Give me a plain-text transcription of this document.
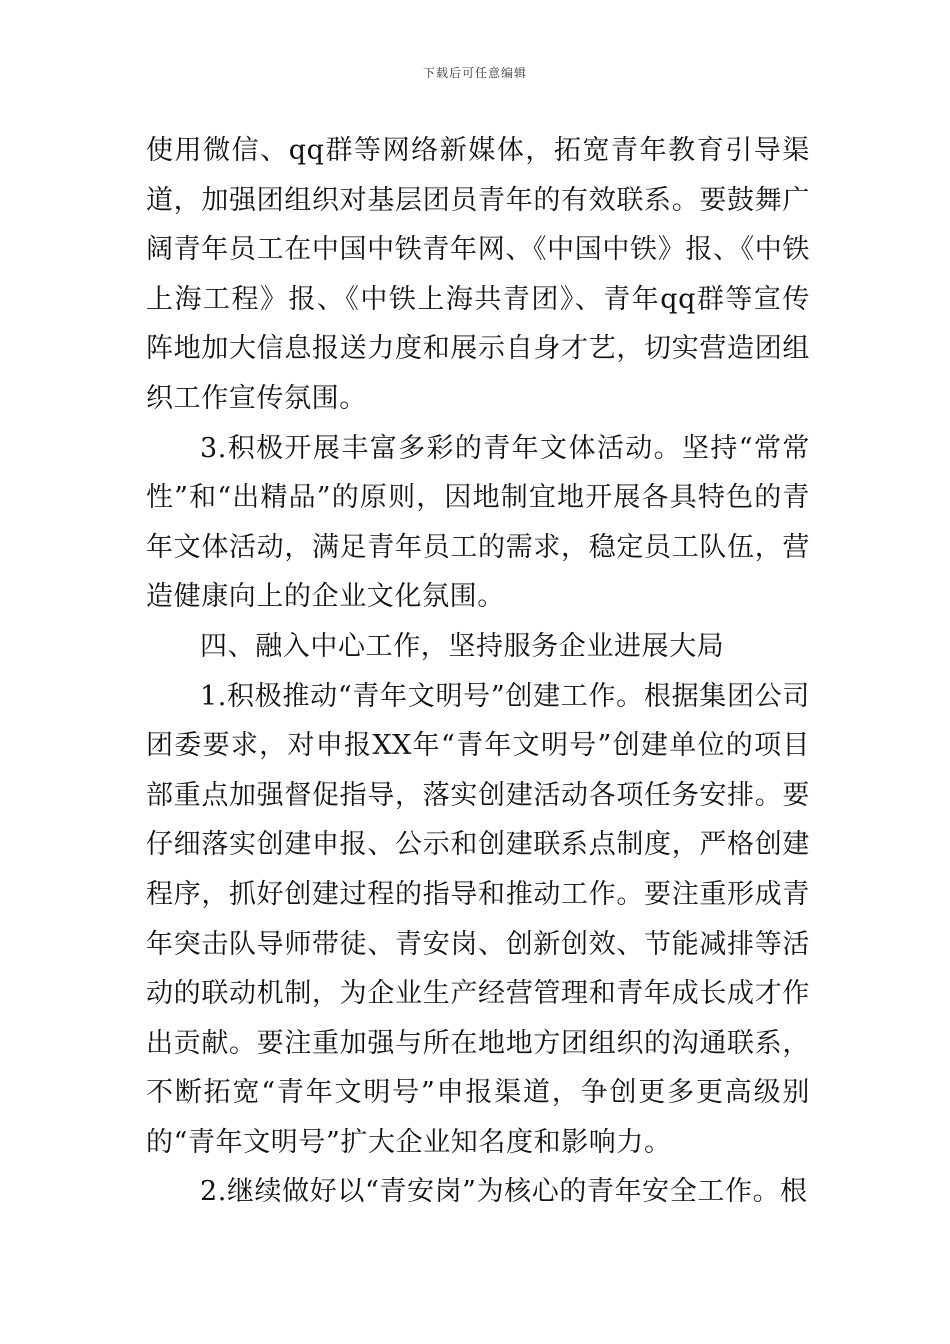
下载后可任意编辑

使用微信、qq群等网络新媒体，拓宽青年教育引导渠道，加强团组织对基层团员青年的有效联系。要鼓舞广阔青年员工在中国中铁青年网、《中国中铁》报、《中铁上海工程》报、《中铁上海共青团》、青年qq群等宣传阵地加大信息报送力度和展示自身才艺，切实营造团组织工作宣传氛围。

3.积极开展丰富多彩的青年文体活动。坚持“常常性”和“出精品”的原则，因地制宜地开展各具特色的青年文体活动，满足青年员工的需求，稳定员工队伍，营造健康向上的企业文化氛围。

四、融入中心工作，坚持服务企业进展大局

1.积极推动“青年文明号”创建工作。根据集团公司团委要求，对申报XX年“青年文明号”创建单位的项目部重点加强督促指导，落实创建活动各项任务安排。要仔细落实创建申报、公示和创建联系点制度，严格创建程序，抓好创建过程的指导和推动工作。要注重形成青年突击队导师带徒、青安岗、创新创效、节能减排等活动的联动机制，为企业生产经营管理和青年成长成才作出贡献。要注重加强与所在地地方团组织的沟通联系，不断拓宽“青年文明号”申报渠道，争创更多更高级别的“青年文明号”扩大企业知名度和影响力。

2.继续做好以“青安岗”为核心的青年安全工作。根
